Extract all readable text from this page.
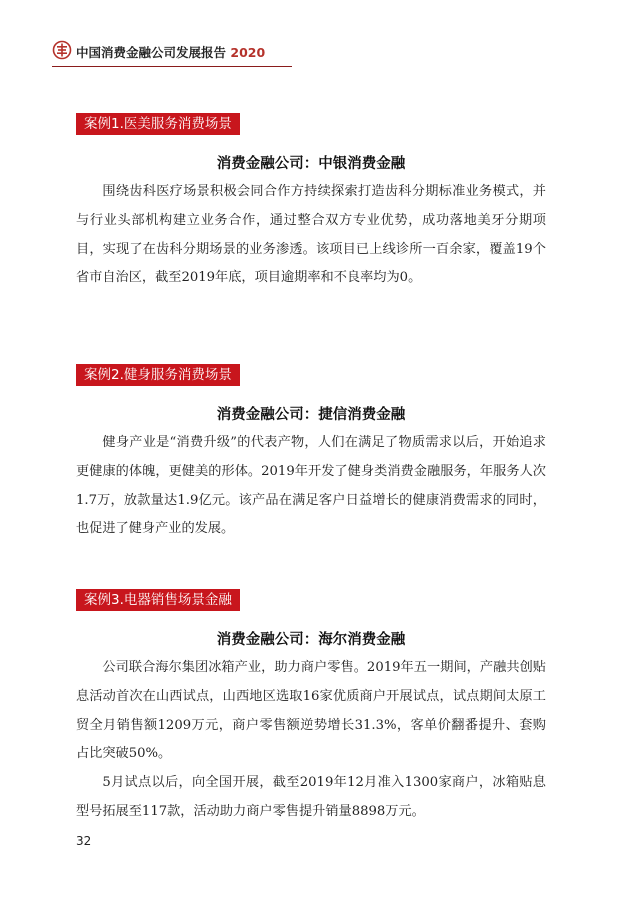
中国消费金融公司发展报告 2020
案例1.医美服务消费场景
消费金融公司：中银消费金融

围绕齿科医疗场景积极会同合作方持续探索打造齿科分期标准业务模式，并与行业头部机构建立业务合作，通过整合双方专业优势，成功落地美牙分期项目，实现了在齿科分期场景的业务渗透。该项目已上线诊所一百余家，覆盖19个省市自治区，截至2019年底，项目逾期率和不良率均为0。

案例2.健身服务消费场景
消费金融公司：捷信消费金融

健身产业是“消费升级”的代表产物，人们在满足了物质需求以后，开始追求更健康的体魄，更健美的形体。2019年开发了健身类消费金融服务，年服务人次1.7万，放款量达1.9亿元。该产品在满足客户日益增长的健康消费需求的同时，也促进了健身产业的发展。

案例3.电器销售场景金融
消费金融公司：海尔消费金融

公司联合海尔集团冰箱产业，助力商户零售。2019年五一期间，产融共创贴息活动首次在山西试点，山西地区选取16家优质商户开展试点，试点期间太原工贸全月销售额1209万元，商户零售额逆势增长31.3%，客单价翻番提升、套购占比突破50%。

5月试点以后，向全国开展，截至2019年12月准入1300家商户，冰箱贴息型号拓展至117款，活动助力商户零售提升销量8898万元。

32
